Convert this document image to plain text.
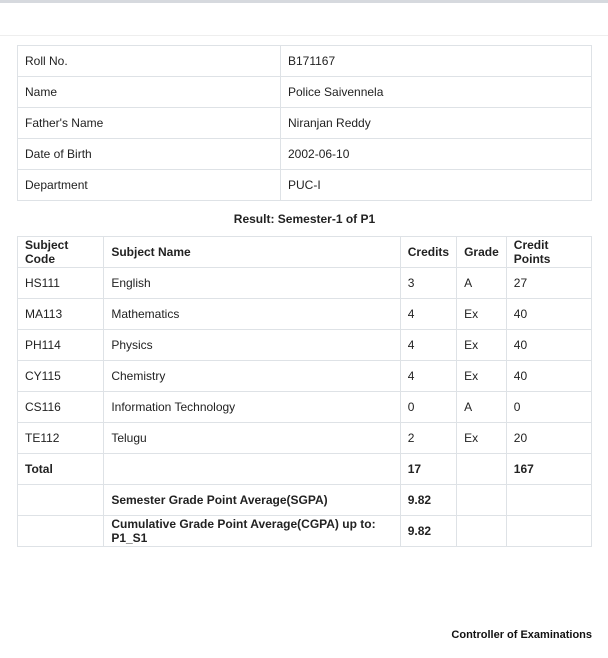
Roll No.	B171167
Name	Police Saivennela
Father's Name	Niranjan Reddy
Date of Birth	2002-06-10
Department	PUC-I
Result: Semester-1 of P1
Subject Code	Subject Name	Credits	Grade	Credit Points
HS111	English	3	A	27
MA113	Mathematics	4	Ex	40
PH114	Physics	4	Ex	40
CY115	Chemistry	4	Ex	40
CS116	Information Technology	0	A	0
TE112	Telugu	2	Ex	20
Total		17		167
	Semester Grade Point Average(SGPA)	9.82		
	Cumulative Grade Point Average(CGPA) up to: P1_S1	9.82		
Controller of Examinations
